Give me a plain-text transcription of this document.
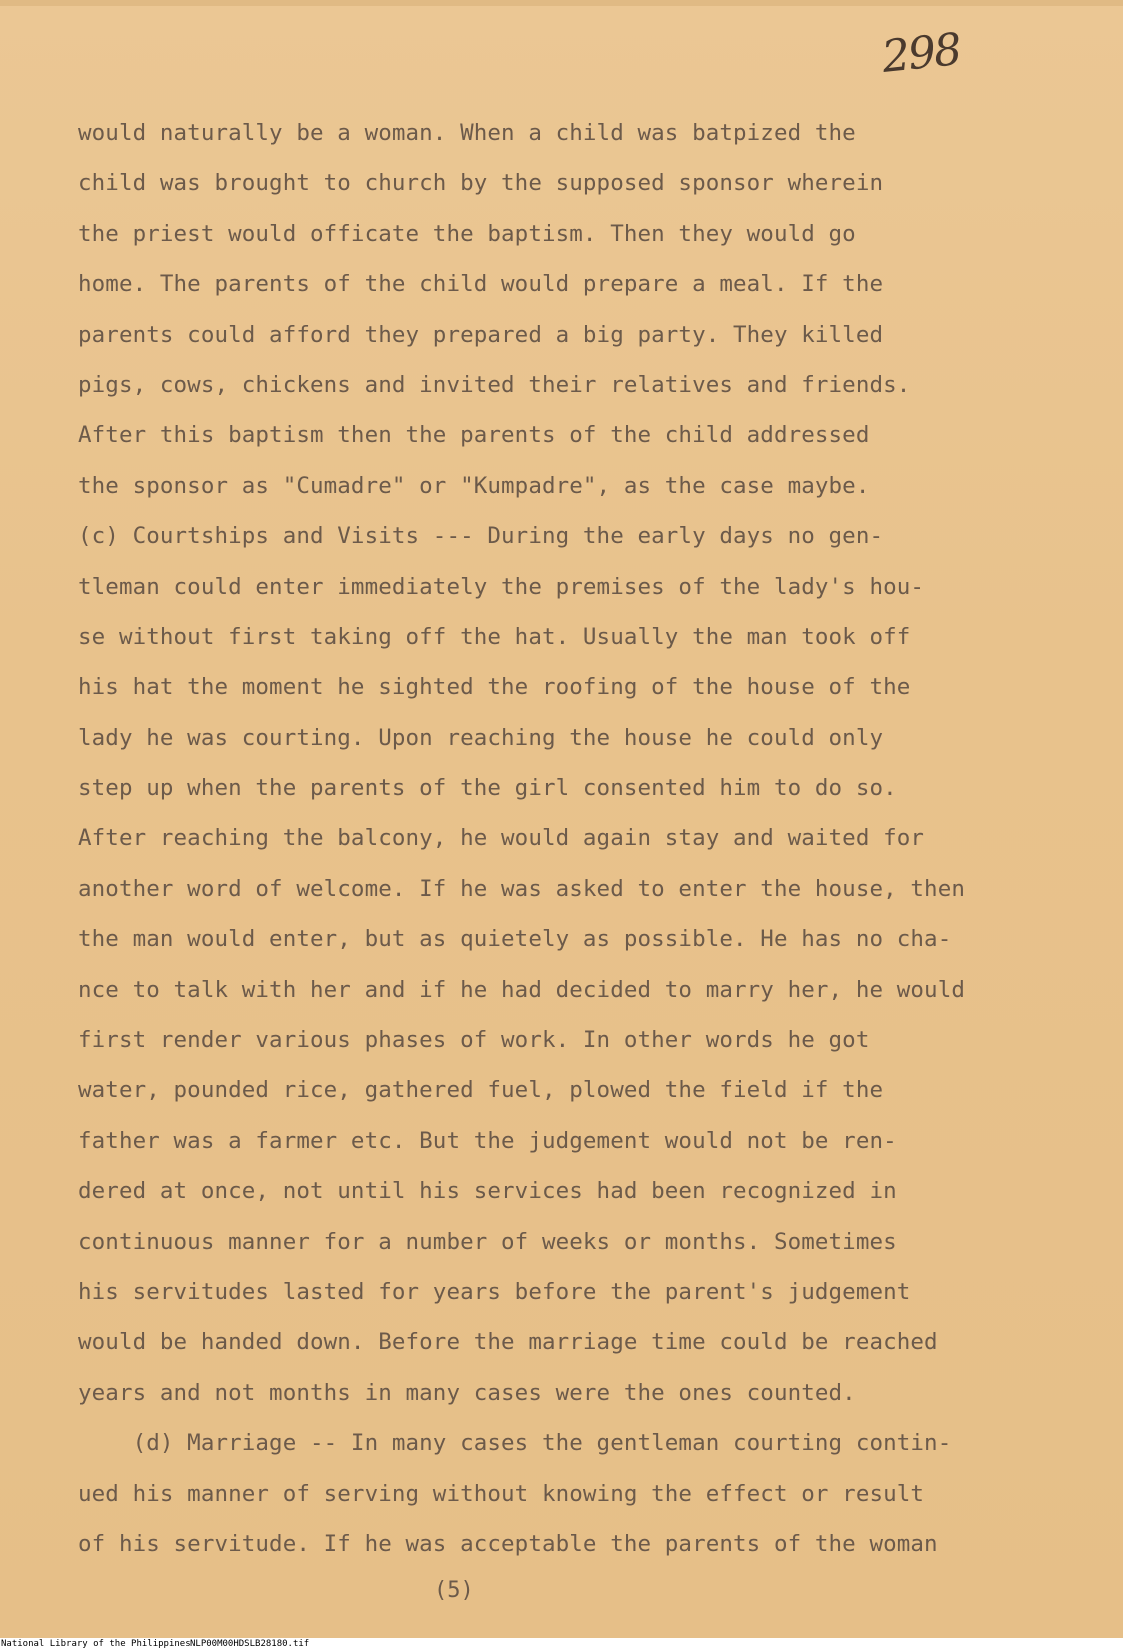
298
would naturally be a woman. When a child was batpized the
child was brought to church by the supposed sponsor wherein
the priest would officate the baptism. Then they would go
home. The parents of the child would prepare a meal. If the
parents could afford they prepared a big party. They killed
pigs, cows, chickens and invited their relatives and friends.
After this baptism then the parents of the child addressed
the sponsor as "Cumadre" or "Kumpadre", as the case maybe.
(c) Courtships and Visits --- During the early days no gen-
tleman could enter immediately the premises of the lady's hou-
se without first taking off the hat. Usually the man took off
his hat the moment he sighted the roofing of the house of the
lady he was courting. Upon reaching the house he could only
step up when the parents of the girl consented him to do so.
After reaching the balcony, he would again stay and waited for
another word of welcome. If he was asked to enter the house, then
the man would enter, but as quietely as possible. He has no cha-
nce to talk with her and if he had decided to marry her, he would
first render various phases of work. In other words he got
water, pounded rice, gathered fuel, plowed the field if the
father was a farmer etc. But the judgement would not be ren-
dered at once, not until his services had been recognized in
continuous manner for a number of weeks or months. Sometimes
his servitudes lasted for years before the parent's judgement
would be handed down. Before the marriage time could be reached
years and not months in many cases were the ones counted.
(d) Marriage -- In many cases the gentleman courting contin-
ued his manner of serving without knowing the effect or result
of his servitude. If he was acceptable the parents of the woman
(5)
National Library of the Philippines NLP00M00HDSLB28180.tif
